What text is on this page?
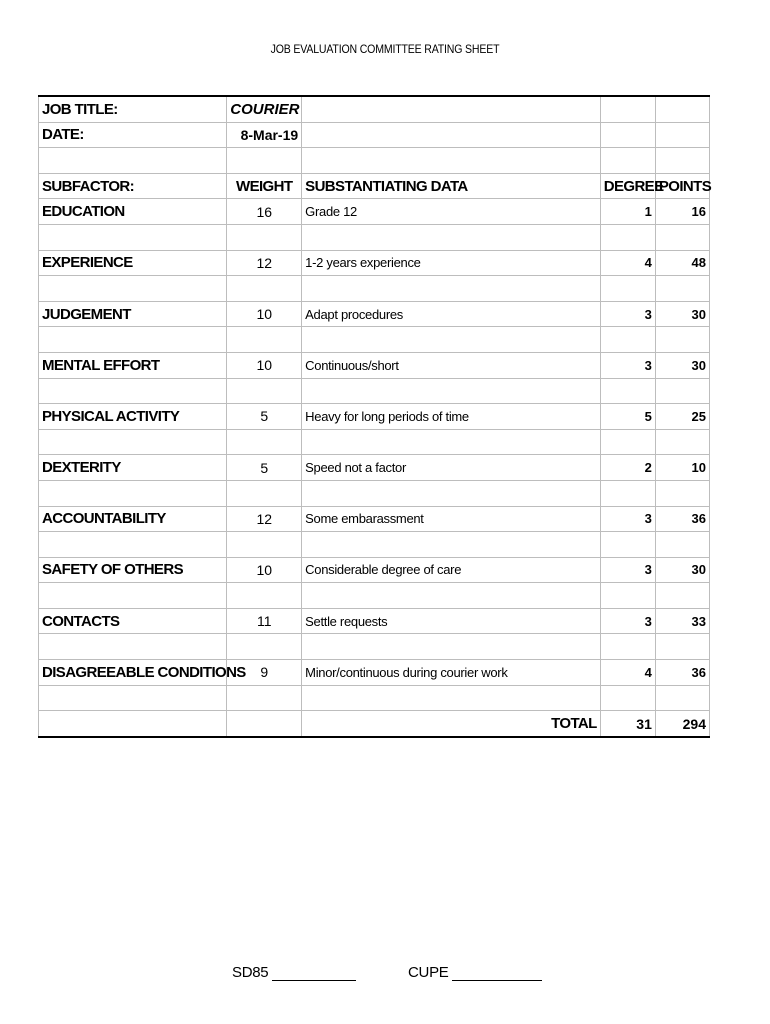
JOB EVALUATION COMMITTEE RATING SHEET
JOB TITLE:	COURIER			
DATE:	8-Mar-19			

SUBFACTOR:	WEIGHT	SUBSTANTIATING DATA	DEGREE	POINTS
EDUCATION	16	Grade 12	1	16

EXPERIENCE	12	1-2 years experience	4	48

JUDGEMENT	10	Adapt procedures	3	30

MENTAL EFFORT	10	Continuous/short	3	30

PHYSICAL ACTIVITY	5	Heavy for long periods of time	5	25

DEXTERITY	5	Speed not a factor	2	10

ACCOUNTABILITY	12	Some embarassment	3	36

SAFETY OF OTHERS	10	Considerable degree of care	3	30

CONTACTS	11	Settle requests	3	33

DISAGREEABLE CONDITIONS	9	Minor/continuous during courier work	4	36

		TOTAL	31	294
SD85	CUPE
